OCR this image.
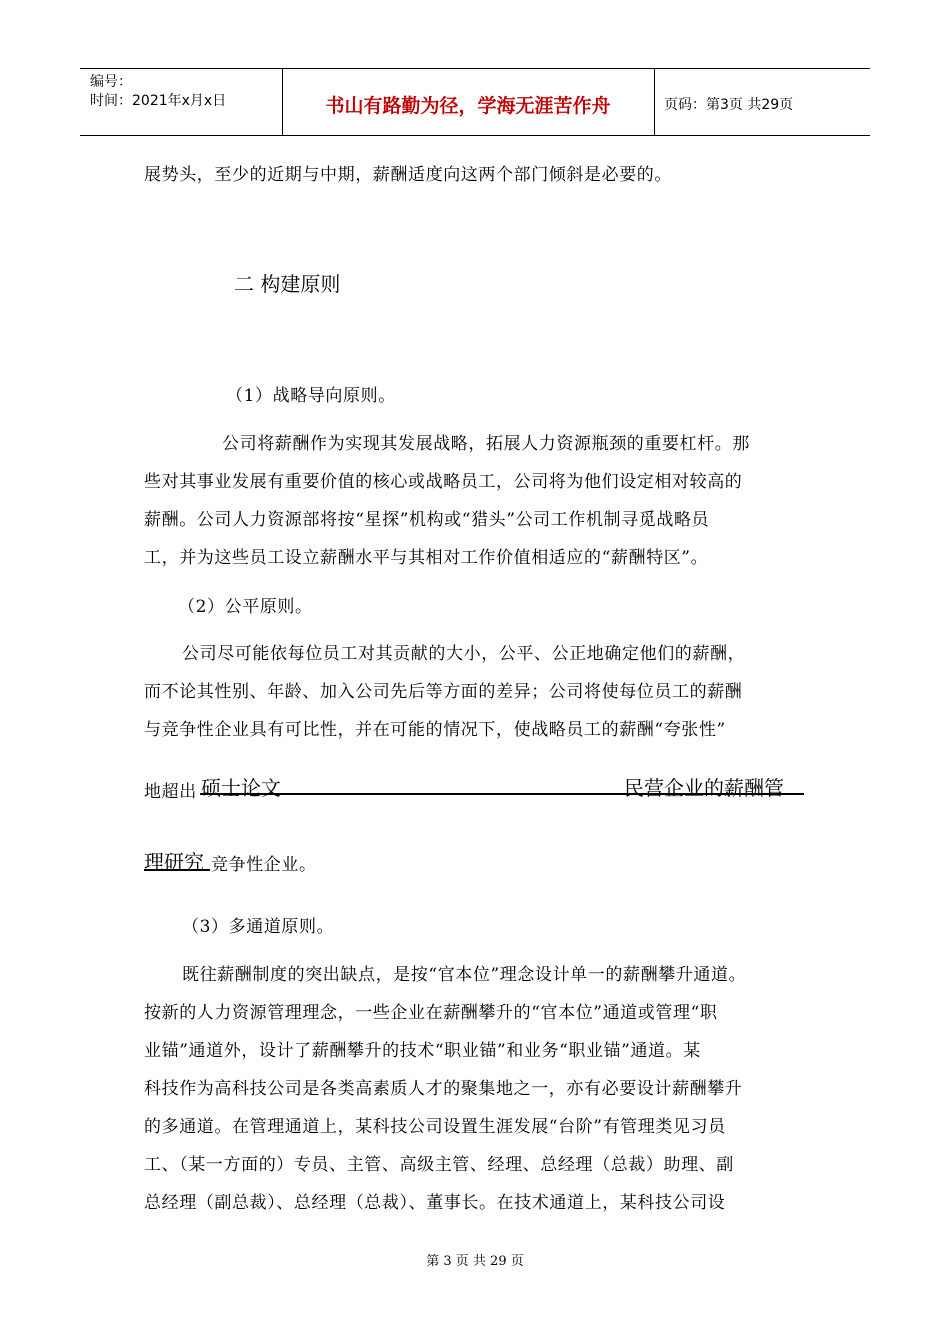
编号：
时间：2021年x月x日	书山有路勤为径，学海无涯苦作舟	页码：第3页 共29页
展势头，至少的近期与中期，薪酬适度向这两个部门倾斜是必要的。
二 构建原则
（1）战略导向原则。
公司将薪酬作为实现其发展战略，拓展人力资源瓶颈的重要杠杆。那
些对其事业发展有重要价值的核心或战略员工，公司将为他们设定相对较高的
薪酬。公司人力资源部将按“星探”机构或“猎头”公司工作机制寻觅战略员
工，并为这些员工设立薪酬水平与其相对工作价值相适应的“薪酬特区”。
（2）公平原则。
公司尽可能依每位员工对其贡献的大小，公平、公正地确定他们的薪酬，
而不论其性别、年龄、加入公司先后等方面的差异；公司将使每位员工的薪酬
与竞争性企业具有可比性，并在可能的情况下，使战略员工的薪酬“夸张性”
地超出 硕士论文	民营企业的薪酬管
理研究 竞争性企业。
（3）多通道原则。
既往薪酬制度的突出缺点，是按“官本位”理念设计单一的薪酬攀升通道。
按新的人力资源管理理念，一些企业在薪酬攀升的“官本位”通道或管理“职
业锚”通道外，设计了薪酬攀升的技术“职业锚”和业务“职业锚”通道。某
科技作为高科技公司是各类高素质人才的聚集地之一，亦有必要设计薪酬攀升
的多通道。在管理通道上，某科技公司设置生涯发展“台阶”有管理类见习员
工、（某一方面的）专员、主管、高级主管、经理、总经理（总裁）助理、副
总经理（副总裁）、总经理（总裁）、董事长。在技术通道上，某科技公司设
第 3 页 共 29 页
